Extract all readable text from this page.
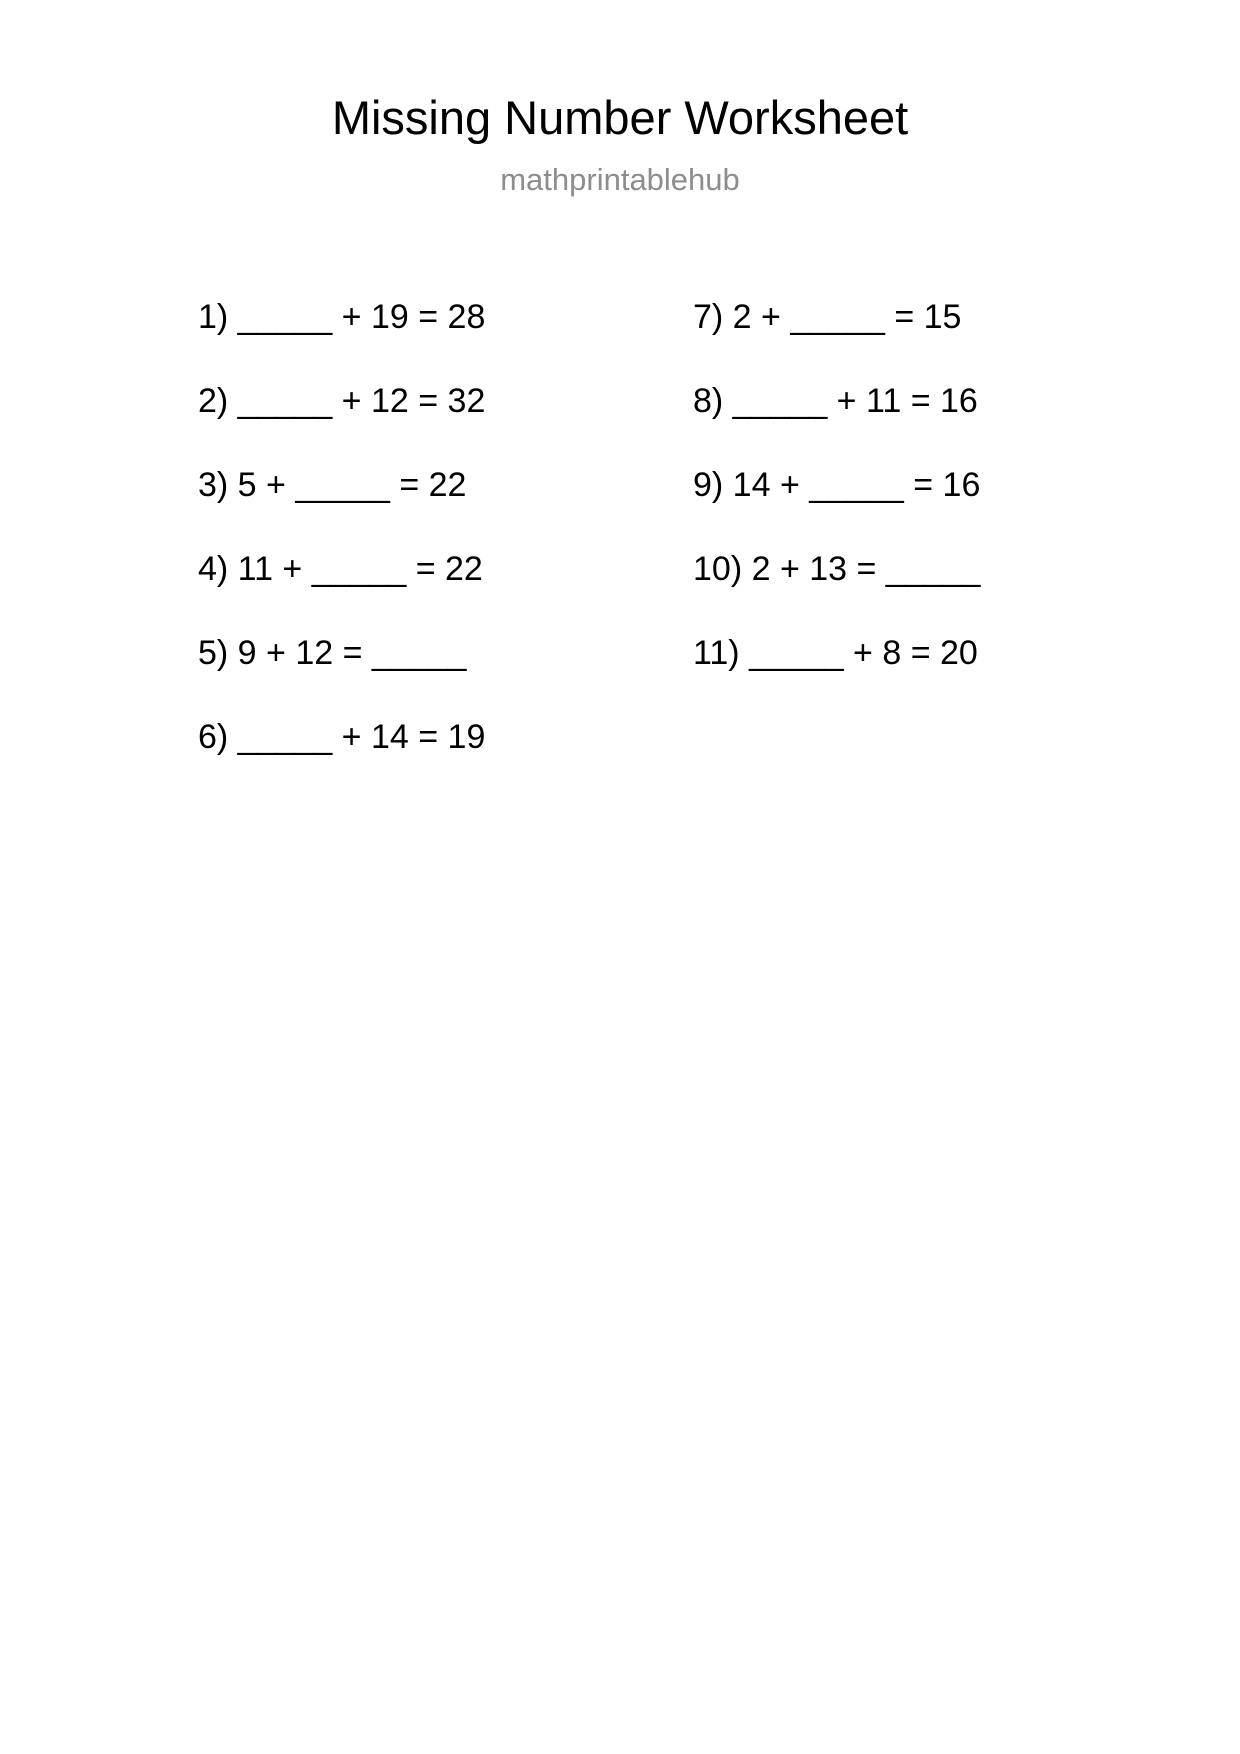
Missing Number Worksheet
mathprintablehub
1) _____ + 19 = 28
2) _____ + 12 = 32
3) 5 + _____ = 22
4) 11 + _____ = 22
5) 9 + 12 = _____
6) _____ + 14 = 19
7) 2 + _____ = 15
8) _____ + 11 = 16
9) 14 + _____ = 16
10) 2 + 13 = _____
11) _____ + 8 = 20
